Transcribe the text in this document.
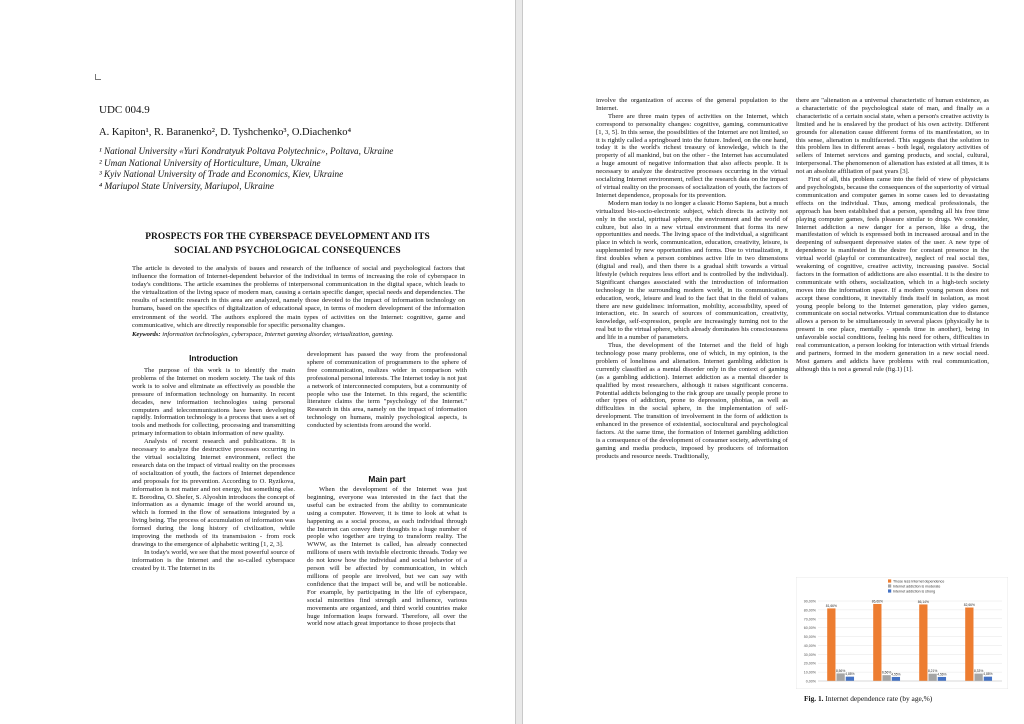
UDC 004.9
A. Kapiton¹, R. Baranenko², D. Tyshchenko³, O.Diachenko⁴
¹ National University «Yuri Kondratyuk Poltava Polytechnic», Poltava, Ukraine
² Uman National University of Horticulture, Uman, Ukraine
³ Kyiv National University of Trade and Economics, Kiev, Ukraine
⁴ Mariupol State University, Mariupol, Ukraine
PROSPECTS FOR THE CYBERSPACE DEVELOPMENT AND ITS
SOCIAL AND PSYCHOLOGICAL CONSEQUENCES
The article is devoted to the analysis of issues and research of the influence of social and psychological factors that influence the formation of Internet-dependent behavior of the individual in terms of increasing the role of cyberspace in today's conditions. The article examines the problems of interpersonal communication in the digital space, which leads to the virtualization of the living space of modern man, causing a certain specific danger, special needs and dependencies. The results of scientific research in this area are analyzed, namely those devoted to the impact of information technology on humans, based on the specifics of digitalization of educational space, in terms of modern development of the information environment of the world. The authors explored the main types of activities on the Internet: cognitive, game and communicative, which are directly responsible for specific personality changes.
Keywords: information technologies, cyberspace, Internet gaming disorder, virtualization, gaming.
Introduction

The purpose of this work is to identify the main problems of the Internet on modern society. The task of this work is to solve and eliminate as effectively as possible the pressure of information technology on humanity. In recent decades, new information technologies using personal computers and telecommunications have been developing rapidly. Information technology is a process that uses a set of tools and methods for collecting, processing and transmitting primary information to obtain information of new quality.

Analysis of recent research and publications. It is necessary to analyze the destructive processes occurring in the virtual socializing Internet environment, reflect the research data on the impact of virtual reality on the processes of socialization of youth, the factors of Internet dependence and proposals for its prevention. According to O. Ryzikova, information is not matter and not energy, but something else. E. Borodina, O. Shefer, S. Alyoshin introduces the concept of information as a dynamic image of the world around us, which is formed in the flow of sensations integrated by a living being. The process of accumulation of information was formed during the long history of civilization, while improving the methods of its transmission - from rock drawings to the emergence of alphabetic writing [1, 2, 3].

In today's world, we see that the most powerful source of information is the Internet and the so-called cyberspace created by it. The Internet in its

development has passed the way from the professional sphere of communication of programmers to the sphere of free communication, realizes wider in comparison with professional personal interests. The Internet today is not just a network of interconnected computers, but a community of people who use the Internet. In this regard, the scientific literature claims the term "psychology of the Internet." Research in this area, namely on the impact of information technology on humans, mainly psychological aspects, is conducted by scientists from around the world.

Main part

When the development of the Internet was just beginning, everyone was interested in the fact that the useful can be extracted from the ability to communicate using a computer. However, it is time to look at what is happening as a social process, as each individual through the Internet can convey their thoughts to a huge number of people who together are trying to transform reality. The WWW, as the Internet is called, has already connected millions of users with invisible electronic threads. Today we do not know how the individual and social behavior of a person will be affected by communication, in which millions of people are involved, but we can say with confidence that the impact will be, and will be noticeable. For example, by participating in the life of cyberspace, social minorities find strength and influence, various movements are organized, and third world countries make huge information leaps forward. Therefore, all over the world now attach great importance to those projects that

involve the organization of access of the general population to the Internet.

There are three main types of activities on the Internet, which correspond to personality changes: cognitive, gaming, communicative [1, 3, 5]. In this sense, the possibilities of the Internet are not limited, so it is rightly called a springboard into the future. Indeed, on the one hand, today it is the world's richest treasury of knowledge, which is the property of all mankind, but on the other - the Internet has accumulated a huge amount of negative information that also affects people. It is necessary to analyze the destructive processes occurring in the virtual socializing Internet environment, reflect the research data on the impact of virtual reality on the processes of socialization of youth, the factors of Internet dependence, proposals for its prevention.

Modern man today is no longer a classic Homo Sapiens, but a much virtualized bio-socio-electronic subject, which directs its activity not only in the social, spiritual sphere, the environment and the world of culture, but also in a new virtual environment that forms its new opportunities and needs. The living space of the individual, a significant place in which is work, communication, education, creativity, leisure, is supplemented by new opportunities and forms. Due to virtualization, it first doubles when a person combines active life in two dimensions (digital and real), and then there is a gradual shift towards a virtual lifestyle (which requires less effort and is controlled by the individual). Significant changes associated with the introduction of information technology in the surrounding modern world, in its communication, education, work, leisure and lead to the fact that in the field of values there are new guidelines: information, mobility, accessibility, speed of interaction, etc. In search of sources of communication, creativity, knowledge, self-expression, people are increasingly turning not to the real but to the virtual sphere, which already dominates his consciousness and life in a number of parameters.

Thus, the development of the Internet and the field of high technology pose many problems, one of which, in my opinion, is the problem of loneliness and alienation. Internet gambling addiction is currently classified as a mental disorder only in the context of gaming (as a gambling addiction). Internet addiction as a mental disorder is qualified by most researchers, although it raises significant concerns. Potential addicts belonging to the risk group are usually people prone to other types of addiction, prone to depression, phobias, as well as difficulties in the social sphere, in the implementation of self-development. The transition of involvement in the form of addiction is enhanced in the presence of existential, sociocultural and psychological factors. At the same time, the formation of Internet gambling addiction is a consequence of the development of consumer society, advertising of gaming and media products, imposed by producers of information products and resource needs. Traditionally,

there are "alienation as a universal characteristic of human existence, as a characteristic of the psychological state of man, and finally as a characteristic of a certain social state, when a person's creative activity is limited and he is enslaved by the product of his own activity. Different grounds for alienation cause different forms of its manifestation, so in this sense, alienation is multifaceted. This suggests that the solution to this problem lies in different areas - both legal, regulatory activities of sellers of Internet services and gaming products, and social, cultural, interpersonal. The phenomenon of alienation has existed at all times, it is not an absolute affiliation of past years [3].

First of all, this problem came into the field of view of physicians and psychologists, because the consequences of the superiority of virtual communication and computer games in some cases led to devastating effects on the individual. Thus, among medical professionals, the approach has been established that a person, spending all his free time playing computer games, feels pleasure similar to drugs. We consider, Internet addiction a new danger for a person, like a drug, the manifestation of which is expressed both in increased arousal and in the deepening of subsequent depressive states of the user. A new type of dependence is manifested in the desire for constant presence in the virtual world (playful or communicative), neglect of real social ties, weakening of cognitive, creative activity, increasing passive. Social factors in the formation of addictions are also essential. it is the desire to communicate with others, socialization, which in a high-tech society moves into the information space. If a modern young person does not accept these conditions, it inevitably finds itself in isolation, as most young people belong to the Internet generation, play video games, communicate on social networks. Virtual communication due to distance allows a person to be simultaneously in several places (physically he is present in one place, mentally - spends time in another), being in unfavorable social conditions, feeling his need for others, difficulties in real communication, a person looking for interaction with virtual friends and partners, formed in the modern generation in a new social need. Most gamers and addicts have problems with real communication, although this is not a general rule (fig.1) [1].

90,00%
80,00%
70,00%
60,00%
50,00%
40,00%
30,00%
20,00%
10,00%
0,00%
Those less Internet dependence
Internet addiction is moderate
Internet addiction is strong
81,66%
8,56%
4,88%
86,66%
6,56% 4,55%
86,14%
8,21%
4,56%
82,66%
8,33%
4,88%
Fig. 1. Internet dependence rate (by age,%)
